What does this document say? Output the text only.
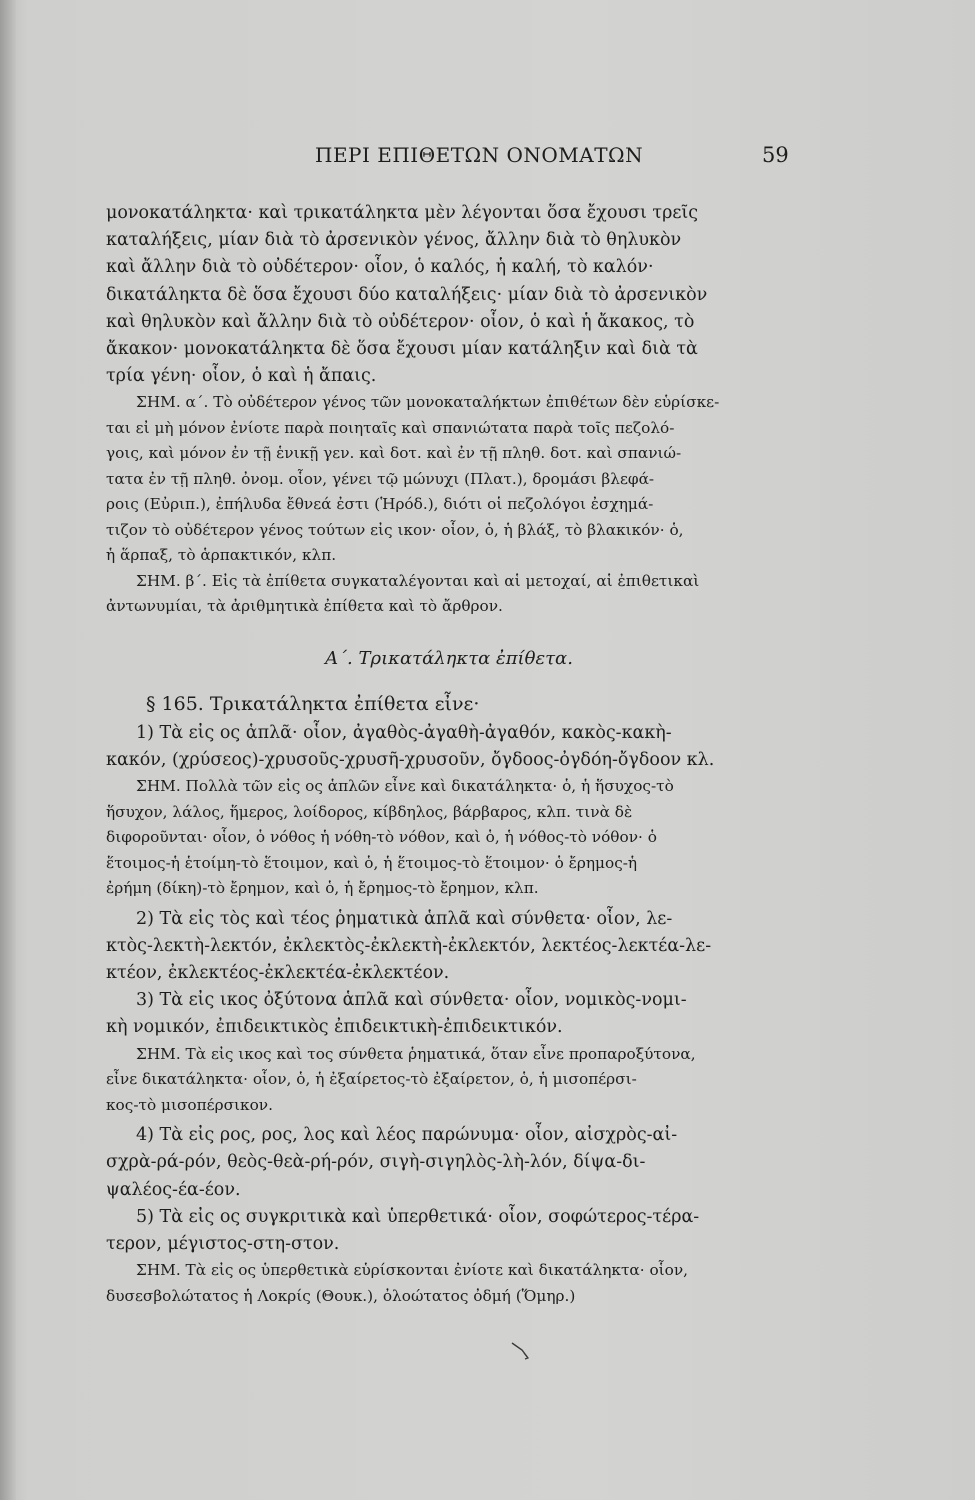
ΠΕΡΙ ΕΠΙΘΕΤΩΝ ΟΝΟΜΑΤΩΝ	59
μονοκατάληκτα· καὶ τρικατάληκτα μὲν λέγονται ὅσα ἔχουσι τρεῖς
καταλήξεις, μίαν διὰ τὸ ἀρσενικὸν γένος, ἄλλην διὰ τὸ θηλυκὸν
καὶ ἄλλην διὰ τὸ οὐδέτερον· οἷον, ὁ καλός, ἡ καλή, τὸ καλόν·
δικατάληκτα δὲ ὅσα ἔχουσι δύο καταλήξεις· μίαν διὰ τὸ ἀρσενικὸν
καὶ θηλυκὸν καὶ ἄλλην διὰ τὸ οὐδέτερον· οἷον, ὁ καὶ ἡ ἄκακος, τὸ
ἄκακον· μονοκατάληκτα δὲ ὅσα ἔχουσι μίαν κατάληξιν καὶ διὰ τὰ
τρία γένη· οἷον, ὁ καὶ ἡ ἄπαις.
ΣΗΜ. α΄. Τὸ οὐδέτερον γένος τῶν μονοκαταλήκτων ἐπιθέτων δὲν εὑρίσκε-
ται εἰ μὴ μόνον ἐνίοτε παρὰ ποιηταῖς καὶ σπανιώτατα παρὰ τοῖς πεζολό-
γοις, καὶ μόνον ἐν τῇ ἑνικῇ γεν. καὶ δοτ. καὶ ἐν τῇ πληθ. δοτ. καὶ σπανιώ-
τατα ἐν τῇ πληθ. ὀνομ. οἷον, γένει τῷ μώνυχι (Πλατ.), δρομάσι βλεφά-
ροις (Εὐριπ.), ἐπήλυδα ἔθνεά ἐστι (Ἡρόδ.), διότι οἱ πεζολόγοι ἐσχημά-
τιζον τὸ οὐδέτερον γένος τούτων εἰς ικον· οἷον, ὁ, ἡ βλάξ, τὸ βλακικόν· ὁ,
ἡ ἅρπαξ, τὸ ἁρπακτικόν, κλπ.
ΣΗΜ. β΄. Εἰς τὰ ἐπίθετα συγκαταλέγονται καὶ αἱ μετοχαί, αἱ ἐπιθετικαὶ
ἀντωνυμίαι, τὰ ἀριθμητικὰ ἐπίθετα καὶ τὸ ἄρθρον.
Α΄. Τρικατάληκτα ἐπίθετα.
§ 165. Τρικατάληκτα ἐπίθετα εἶνε·
1) Τὰ εἰς ος ἁπλᾶ· οἷον, ἀγαθὸς-ἀγαθὴ-ἀγαθόν, κακὸς-κακὴ-
κακόν, (χρύσεος)-χρυσοῦς-χρυσῆ-χρυσοῦν, ὄγδοος-ὀγδόη-ὄγδοον κλ.
ΣΗΜ. Πολλὰ τῶν εἰς ος ἁπλῶν εἶνε καὶ δικατάληκτα· ὁ, ἡ ἥσυχος-τὸ
ἥσυχον, λάλος, ἥμερος, λοίδορος, κίβδηλος, βάρβαρος, κλπ. τινὰ δὲ
διφοροῦνται· οἷον, ὁ νόθος ἡ νόθη-τὸ νόθον, καὶ ὁ, ἡ νόθος-τὸ νόθον· ὁ
ἕτοιμος-ἡ ἑτοίμη-τὸ ἕτοιμον, καὶ ὁ, ἡ ἕτοιμος-τὸ ἕτοιμον· ὁ ἔρημος-ἡ
ἐρήμη (δίκη)-τὸ ἔρημον, καὶ ὁ, ἡ ἔρημος-τὸ ἔρημον, κλπ.
2) Τὰ εἰς τὸς καὶ τέος ῥηματικὰ ἁπλᾶ καὶ σύνθετα· οἷον, λε-
κτὸς-λεκτὴ-λεκτόν, ἐκλεκτὸς-ἐκλεκτὴ-ἐκλεκτόν, λεκτέος-λεκτέα-λε-
κτέον, ἐκλεκτέος-ἐκλεκτέα-ἐκλεκτέον.
3) Τὰ εἰς ικος ὀξύτονα ἁπλᾶ καὶ σύνθετα· οἷον, νομικὸς-νομι-
κὴ νομικόν, ἐπιδεικτικὸς ἐπιδεικτικὴ-ἐπιδεικτικόν.
ΣΗΜ. Τὰ εἰς ικος καὶ τος σύνθετα ῥηματικά, ὅταν εἶνε προπαροξύτονα,
εἶνε δικατάληκτα· οἷον, ὁ, ἡ ἐξαίρετος-τὸ ἐξαίρετον, ὁ, ἡ μισοπέρσι-
κος-τὸ μισοπέρσικον.
4) Τὰ εἰς ρος, ρος, λος καὶ λέος παρώνυμα· οἷον, αἰσχρὸς-αἰ-
σχρὰ-ρά-ρόν, θεὸς-θεὰ-ρή-ρόν, σιγὴ-σιγηλὸς-λὴ-λόν, δίψα-δι-
ψαλέος-έα-έον.
5) Τὰ εἰς ος συγκριτικὰ καὶ ὑπερθετικά· οἷον, σοφώτερος-τέρα-
τερον, μέγιστος-στη-στον.
ΣΗΜ. Τὰ εἰς ος ὑπερθετικὰ εὑρίσκονται ἐνίοτε καὶ δικατάληκτα· οἷον,
δυσεσβολώτατος ἡ Λοκρίς (Θουκ.), ὀλοώτατος ὀδμή (Ὅμηρ.)
